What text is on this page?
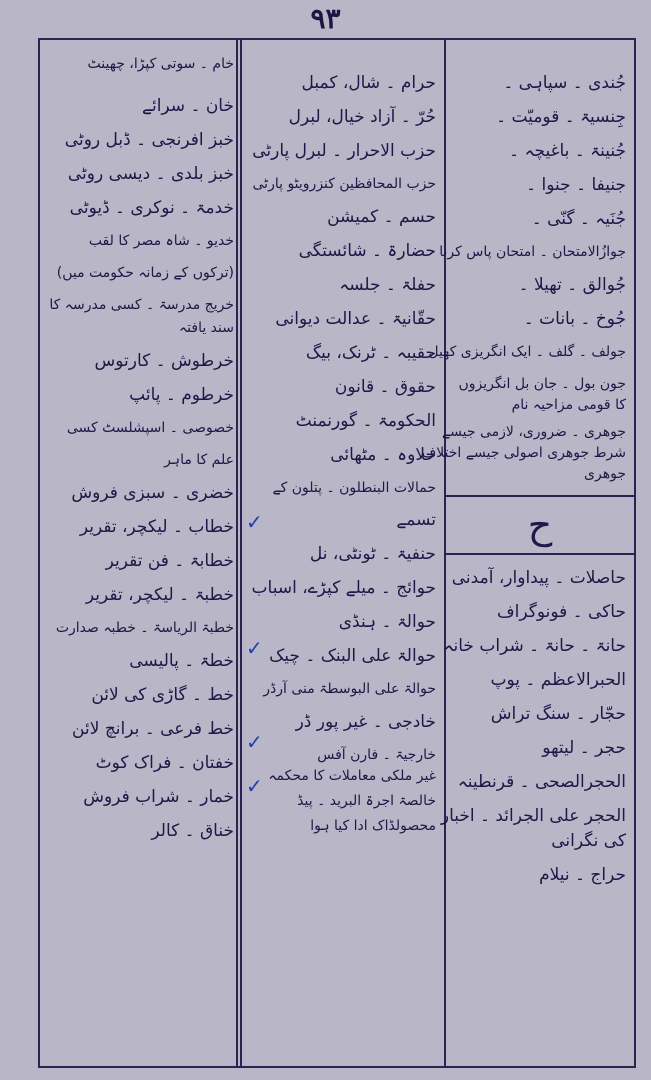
۹۳
جُندی ۔ سپاہی ۔
جِنسیۃ ۔ قومیّت ۔
جُنینۃ ۔ باغیچہ ۔
جنیفا ۔ جنوا ۔
جُنَیہ ۔ گنّی ۔
جوازُالامتحان ۔ امتحان پاس کرنا
جُوالق ۔ تھیلا ۔
جُوخ ۔ بانات ۔
جولف ۔ گلف ۔ ایک انگریزی کھیل
جون بول ۔ جان بل انگریزوں
کا قومی مزاحیہ نام
جوھری ۔ ضروری، لازمی جیسے
شرط جوھری اصولی جیسے اختلاف
جوھری
ح
حاصلات ۔ پیداوار، آمدنی
حاکی ۔ فونوگراف
حانۃ ۔ حانۃ ۔ شراب خانہ
الحبرالاعظم ۔ پوپ
حجّار ۔ سنگ تراش
حجر ۔ لیتھو
الحجرالصحی ۔ قرنطینہ
الحجر علی الجرائد ۔ اخبار
کی نگرانی
حراج ۔ نیلام
حرام ۔ شال، کمبل
حُرّ ۔ آزاد خیال، لبرل
حزب الاحرار ۔ لبرل پارٹی
حزب المحافظین کنزرویٹو پارٹی
حسم ۔ کمیشن
حضارۃ ۔ شائستگی
حفلۃ ۔ جلسہ
حقّانیۃ ۔ عدالت دیوانی
حقیبہ ۔ ٹرنک، بیگ
حقوق ۔ قانون
الحکومۃ ۔ گورنمنٹ
حلاوہ ۔ مٹھائی
حمالات البنطلون ۔ پتلون کے
تسمے
حنفیۃ ۔ ٹونٹی، نل
حوائج ۔ میلے کپڑے، اسباب
حوالۃ ۔ ہنڈی
حوالۃ علی البنک ۔ چیک
حوالۃ علی البوسطۃ منی آرڈر
خادجی ۔ غیر پور ڈر
خارجیۃ ۔ فارن آفس
غیر ملکی معاملات کا محکمہ
خالصۃ اجرۃ البرید ۔ پیڈ
محصولڈاک ادا کیا ہوا
خام ۔ سوتی کپڑا، چھینٹ
خان ۔ سرائے
خبز افرنجی ۔ ڈبل روٹی
خبز بلدی ۔ دیسی روٹی
خدمۃ ۔ نوکری ۔ ڈیوٹی
خدیو ۔ شاہ مصر کا لقب
(ترکوں کے زمانہ حکومت میں)
خریج مدرسۃ ۔ کسی مدرسہ کا
سند یافتہ
خرطوش ۔ کارتوس
خرطوم ۔ پائپ
خصوصی ۔ اسپشلسٹ کسی
علم کا ماہر
خضری ۔ سبزی فروش
خطاب ۔ لیکچر، تقریر
خطابۃ ۔ فن تقریر
خطبۃ ۔ لیکچر، تقریر
خطبۃ الریاسۃ ۔ خطبہ صدارت
خطۃ ۔ پالیسی
خط ۔ گاڑی کی لائن
خط فرعی ۔ برانچ لائن
خفتان ۔ فراک کوٹ
خمار ۔ شراب فروش
خناق ۔ کالر
✓
✓
✓
✓
